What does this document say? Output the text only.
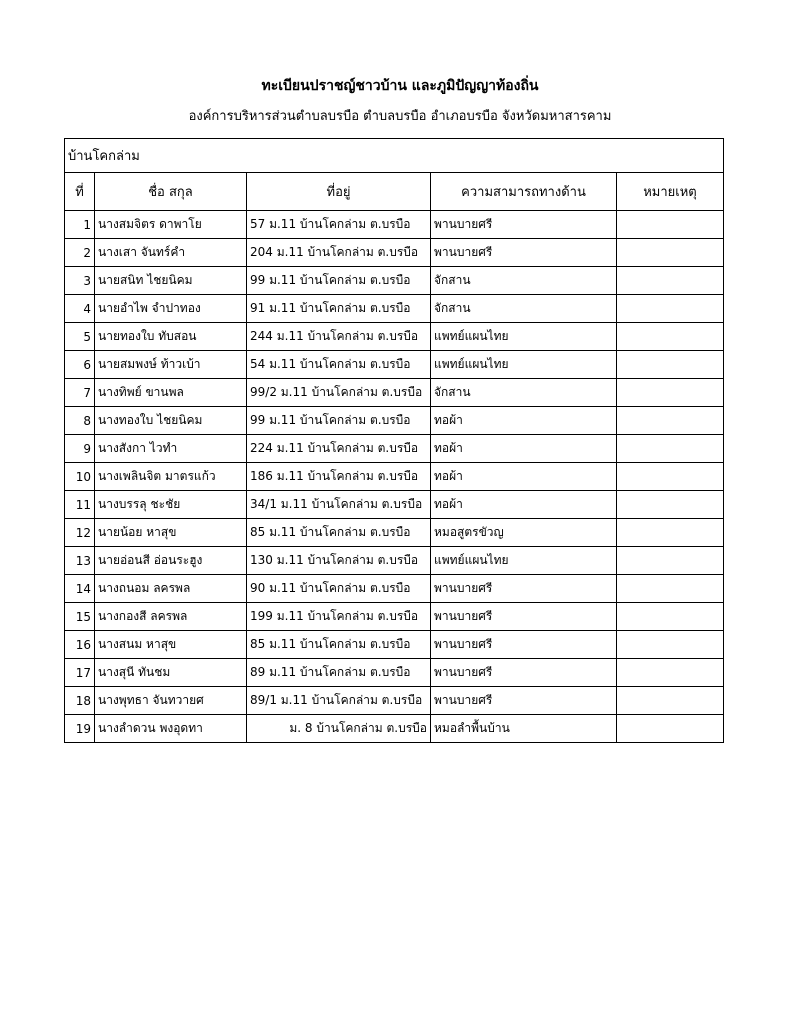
ทะเบียนปราชญ์ชาวบ้าน และภูมิปัญญาท้องถิ่น
องค์การบริหารส่วนตำบลบรบือ ตำบลบรบือ อำเภอบรบือ จังหวัดมหาสารคาม
บ้านโคกล่าม				
ที่	ชื่อ สกุล	ที่อยู่	ความสามารถทางด้าน	หมายเหตุ
1	นางสมจิตร ดาพาโย	57 ม.11 บ้านโคกล่าม ต.บรบือ	พานบายศรี	
2	นางเสา จันทร์คำ	204 ม.11 บ้านโคกล่าม ต.บรบือ	พานบายศรี	
3	นายสนิท ไชยนิคม	99 ม.11 บ้านโคกล่าม ต.บรบือ	จักสาน	
4	นายอำไพ จำปาทอง	91 ม.11 บ้านโคกล่าม ต.บรบือ	จักสาน	
5	นายทองใบ ทับสอน	244 ม.11 บ้านโคกล่าม ต.บรบือ	แพทย์แผนไทย	
6	นายสมพงษ์ ท้าวเบ้า	54 ม.11 บ้านโคกล่าม ต.บรบือ	แพทย์แผนไทย	
7	นางทิพย์ ขานพล	99/2 ม.11 บ้านโคกล่าม ต.บรบือ	จักสาน	
8	นางทองใบ ไชยนิคม	99 ม.11 บ้านโคกล่าม ต.บรบือ	ทอผ้า	
9	นางสังกา ไวทำ	224 ม.11 บ้านโคกล่าม ต.บรบือ	ทอผ้า	
10	นางเพลินจิต มาตรแก้ว	186 ม.11 บ้านโคกล่าม ต.บรบือ	ทอผ้า	
11	นางบรรลุ ชะชัย	34/1 ม.11 บ้านโคกล่าม ต.บรบือ	ทอผ้า	
12	นายน้อย หาสุข	85 ม.11 บ้านโคกล่าม ต.บรบือ	หมอสูตรขัวญ	
13	นายอ่อนสี อ่อนระฮูง	130 ม.11 บ้านโคกล่าม ต.บรบือ	แพทย์แผนไทย	
14	นางถนอม ลครพล	90 ม.11 บ้านโคกล่าม ต.บรบือ	พานบายศรี	
15	นางกองสี ลครพล	199 ม.11 บ้านโคกล่าม ต.บรบือ	พานบายศรี	
16	นางสนม หาสุข	85 ม.11 บ้านโคกล่าม ต.บรบือ	พานบายศรี	
17	นางสุนี ทันชม	89 ม.11 บ้านโคกล่าม ต.บรบือ	พานบายศรี	
18	นางพุทธา จันทวายศ	89/1 ม.11 บ้านโคกล่าม ต.บรบือ	พานบายศรี	
19	นางลำดวน พงอุดทา	ม. 8 บ้านโคกล่าม ต.บรบือ	หมอลำพื้นบ้าน	
